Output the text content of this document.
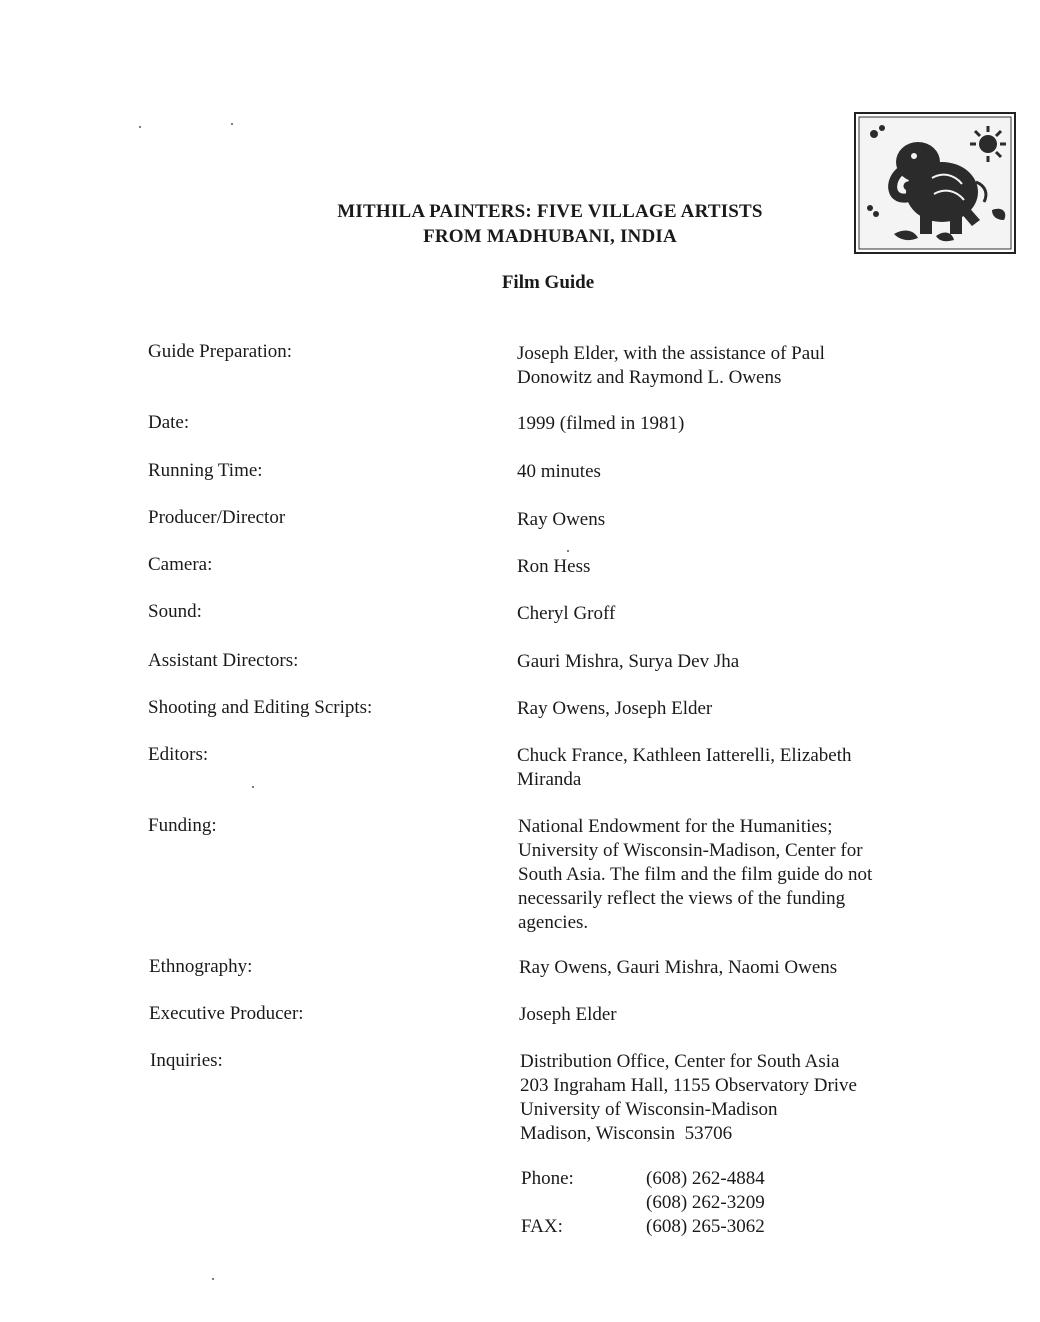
MITHILA PAINTERS: FIVE VILLAGE ARTISTS
FROM MADHUBANI, INDIA
Film Guide
Guide Preparation:	Joseph Elder, with the assistance of Paul
Donowitz and Raymond L. Owens
Date:	1999 (filmed in 1981)
Running Time:	40 minutes
Producer/Director	Ray Owens
Camera:	Ron Hess
Sound:	Cheryl Groff
Assistant Directors:	Gauri Mishra, Surya Dev Jha
Shooting and Editing Scripts:	Ray Owens, Joseph Elder
Editors:	Chuck France, Kathleen Iatterelli, Elizabeth
Miranda
Funding:	National Endowment for the Humanities;
University of Wisconsin-Madison, Center for
South Asia. The film and the film guide do not
necessarily reflect the views of the funding
agencies.
Ethnography:	Ray Owens, Gauri Mishra, Naomi Owens
Executive Producer:	Joseph Elder
Inquiries:	Distribution Office, Center for South Asia
203 Ingraham Hall, 1155 Observatory Drive
University of Wisconsin-Madison
Madison, Wisconsin  53706
Phone:	(608) 262-4884
(608) 262-3209
FAX:	(608) 265-3062
